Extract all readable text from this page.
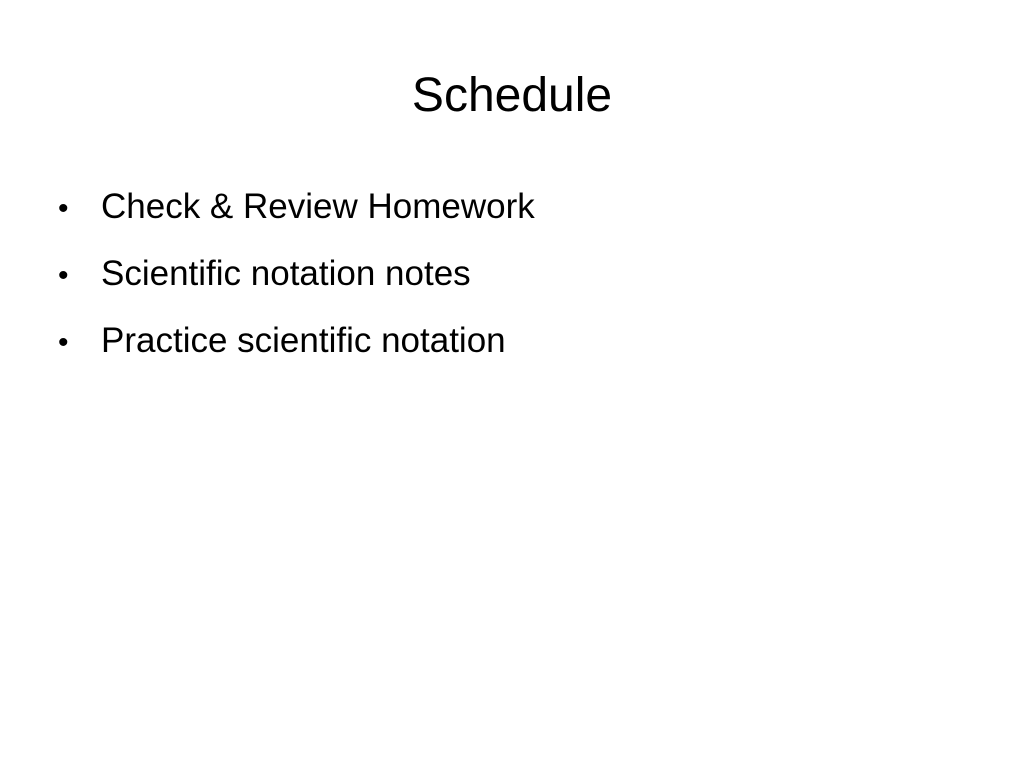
Schedule
• Check & Review Homework
• Scientific notation notes
• Practice scientific notation
